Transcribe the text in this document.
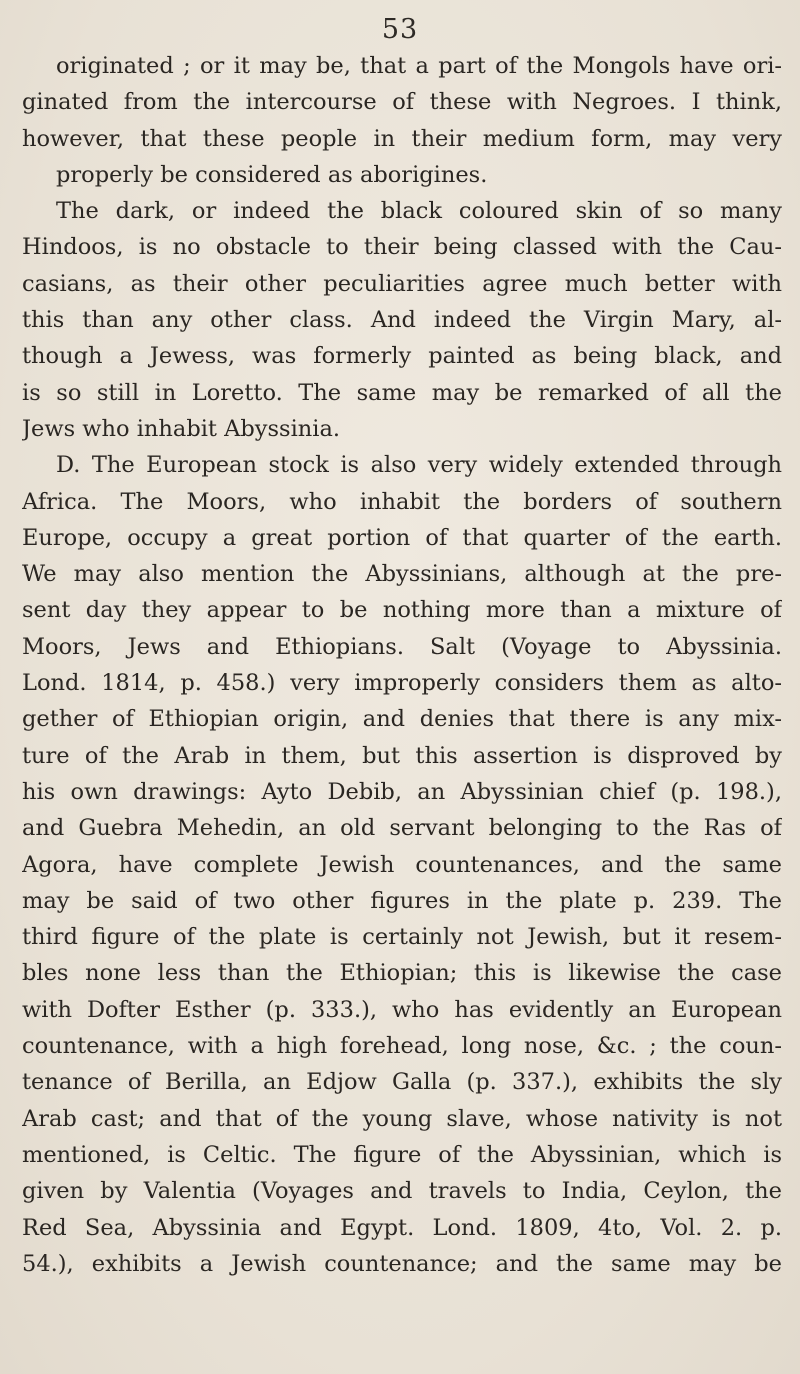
53
originated ; or it may be, that a part of the Mongols have ori-
ginated from the intercourse of these with Negroes. I think,
however, that these people in their medium form, may very
properly be considered as aborigines.
The dark, or indeed the black coloured skin of so many
Hindoos, is no obstacle to their being classed with the Cau-
casians, as their other peculiarities agree much better with
this than any other class. And indeed the Virgin Mary, al-
though a Jewess, was formerly painted as being black, and
is so still in Loretto. The same may be remarked of all the
Jews who inhabit Abyssinia.
D. The European stock is also very widely extended through
Africa. The Moors, who inhabit the borders of southern
Europe, occupy a great portion of that quarter of the earth.
We may also mention the Abyssinians, although at the pre-
sent day they appear to be nothing more than a mixture of
Moors, Jews and Ethiopians. Salt (Voyage to Abyssinia.
Lond. 1814, p. 458.) very improperly considers them as alto-
gether of Ethiopian origin, and denies that there is any mix-
ture of the Arab in them, but this assertion is disproved by
his own drawings: Ayto Debib, an Abyssinian chief (p. 198.),
and Guebra Mehedin, an old servant belonging to the Ras of
Agora, have complete Jewish countenances, and the same
may be said of two other figures in the plate p. 239. The
third figure of the plate is certainly not Jewish, but it resem-
bles none less than the Ethiopian; this is likewise the case
with Dofter Esther (p. 333.), who has evidently an European
countenance, with a high forehead, long nose, &c. ; the coun-
tenance of Berilla, an Edjow Galla (p. 337.), exhibits the sly
Arab cast; and that of the young slave, whose nativity is not
mentioned, is Celtic. The figure of the Abyssinian, which is
given by Valentia (Voyages and travels to India, Ceylon, the
Red Sea, Abyssinia and Egypt. Lond. 1809, 4to, Vol. 2. p.
54.), exhibits a Jewish countenance; and the same may be
